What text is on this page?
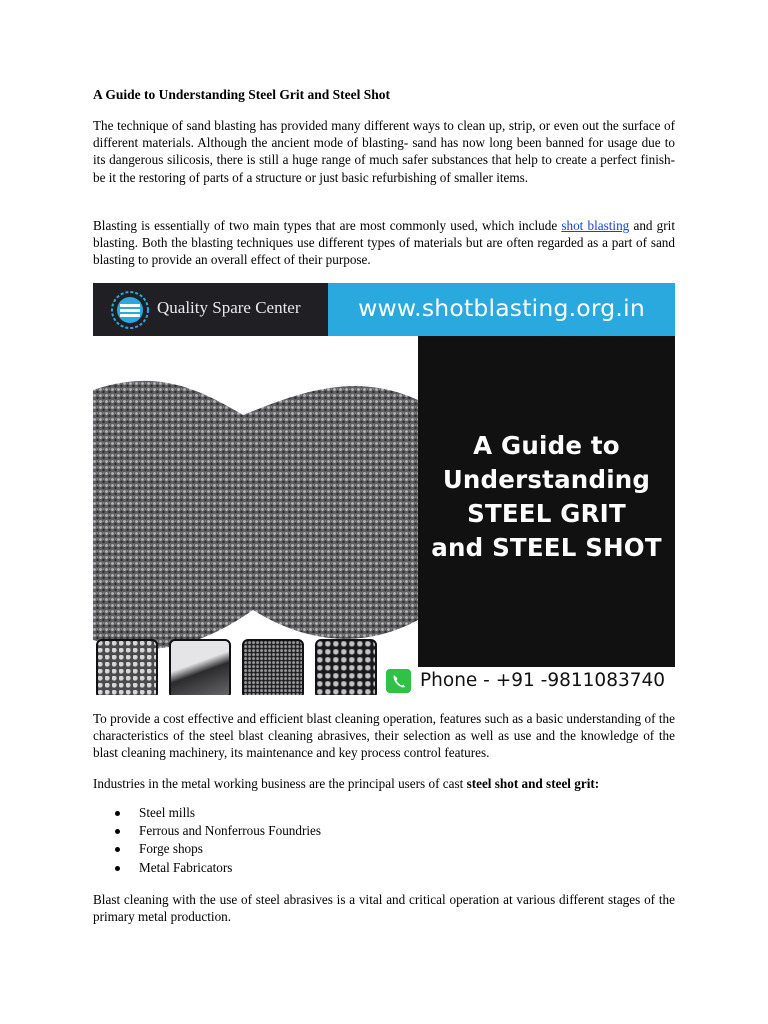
A Guide to Understanding Steel Grit and Steel Shot

The technique of sand blasting has provided many different ways to clean up, strip, or even out the surface of different materials. Although the ancient mode of blasting- sand has now long been banned for usage due to its dangerous silicosis, there is still a huge range of much safer substances that help to create a perfect finish- be it the restoring of parts of a structure or just basic refurbishing of smaller items.

Blasting is essentially of two main types that are most commonly used, which include shot blasting and grit blasting. Both the blasting techniques use different types of materials but are often regarded as a part of sand blasting to provide an overall effect of their purpose.

Quality Spare Center	www.shotblasting.org.in
A Guide to
Understanding
STEEL GRIT
and STEEL SHOT
Phone - +91 -9811083740

To provide a cost effective and efficient blast cleaning operation, features such as a basic understanding of the characteristics of the steel blast cleaning abrasives, their selection as well as use and the knowledge of the blast cleaning machinery, its maintenance and key process control features.

Industries in the metal working business are the principal users of cast steel shot and steel grit:

Steel mills
Ferrous and Nonferrous Foundries
Forge shops
Metal Fabricators

Blast cleaning with the use of steel abrasives is a vital and critical operation at various different stages of the primary metal production.
